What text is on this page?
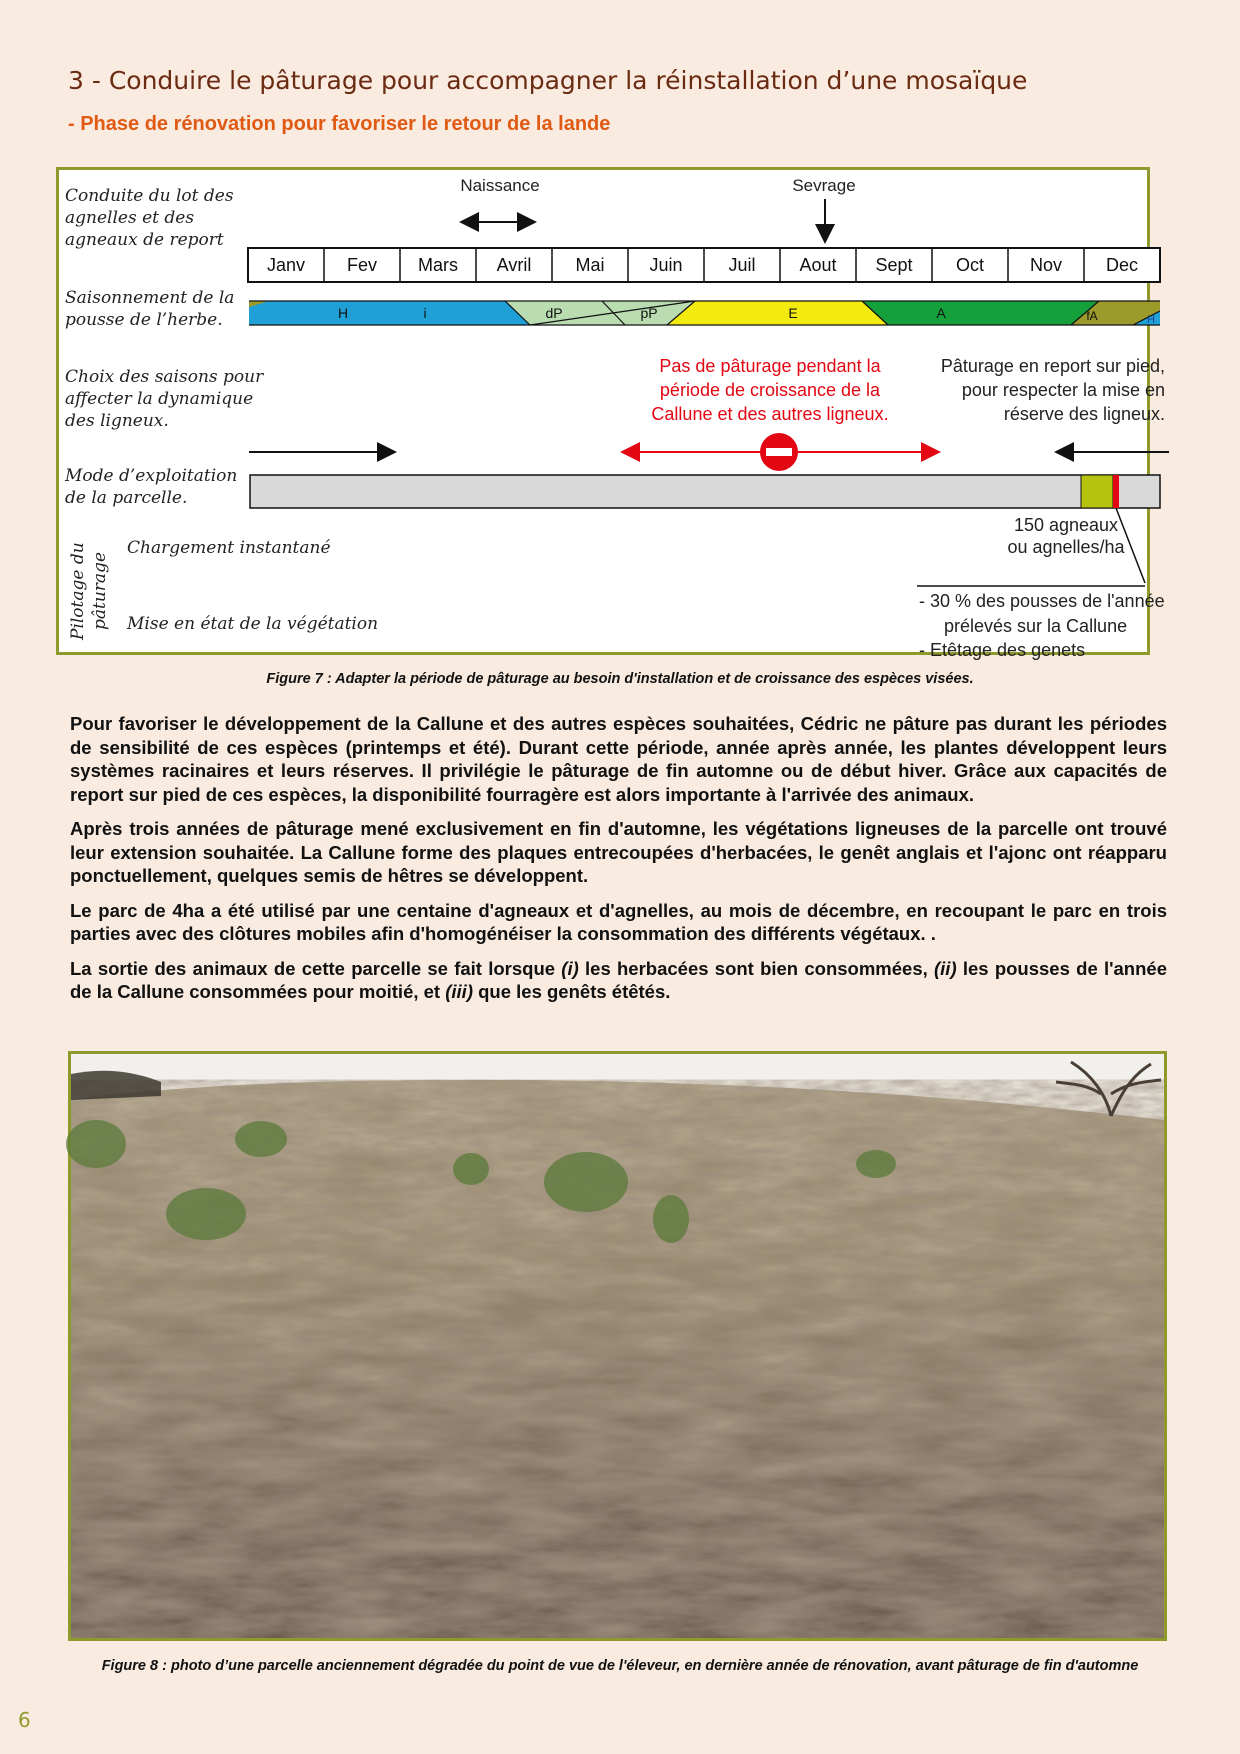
3 - Conduire le pâturage pour accompagner la réinstallation d’une mosaïque
- Phase de rénovation pour favoriser le retour de la lande
Conduite du lot des
agnelles et des
agneaux de report
Saisonnement de la
pousse de l’herbe.
Choix des saisons pour
affecter la dynamique
des ligneux.
Mode d’exploitation
de la parcelle.
Chargement instantané
Mise en état de la végétation
Pilotage du pâturage
Naissance	Sevrage
Janv Fev Mars Avril Mai Juin	Juil Aout Sept Oct	Nov Dec
H	i	dP	pP	E	A	fA	H
Pas de pâturage pendant la
période de croissance de la
Callune et des autres ligneux.
Pâturage en report sur pied,
pour respecter la mise en
réserve des ligneux.
150 agneaux
ou agnelles/ha
- 30 % des pousses de l'année
prélevés sur la Callune
- Etêtage des genets
Figure 7 : Adapter la période de pâturage au besoin d'installation et de croissance des espèces visées.

Pour favoriser le développement de la Callune et des autres espèces souhaitées, Cédric ne pâture pas durant les périodes de sensibilité de ces espèces (printemps et été). Durant cette période, année après année, les plantes développent leurs systèmes racinaires et leurs réserves. Il privilégie le pâturage de fin automne ou de début hiver. Grâce aux capacités de report sur pied de ces espèces, la disponibilité fourragère est alors importante à l'arrivée des animaux.

Après trois années de pâturage mené exclusivement en fin d'automne, les végétations ligneuses de la parcelle ont trouvé leur extension souhaitée. La Callune forme des plaques entrecoupées d'herbacées, le genêt anglais et l'ajonc ont réapparu ponctuellement, quelques semis de hêtres se développent.

Le parc de 4ha a été utilisé par une centaine d'agneaux et d'agnelles, au mois de décembre, en recoupant le parc en trois parties avec des clôtures mobiles afin d'homogénéiser la consommation des différents végétaux. .

La sortie des animaux de cette parcelle se fait lorsque (i) les herbacées sont bien consommées, (ii) les pousses de l'année de la Callune consommées pour moitié, et (iii) que les genêts étêtés.

Figure 8 : photo d’une parcelle anciennement dégradée du point de vue de l'éleveur, en dernière année de rénovation, avant pâturage de fin d'automne
6
